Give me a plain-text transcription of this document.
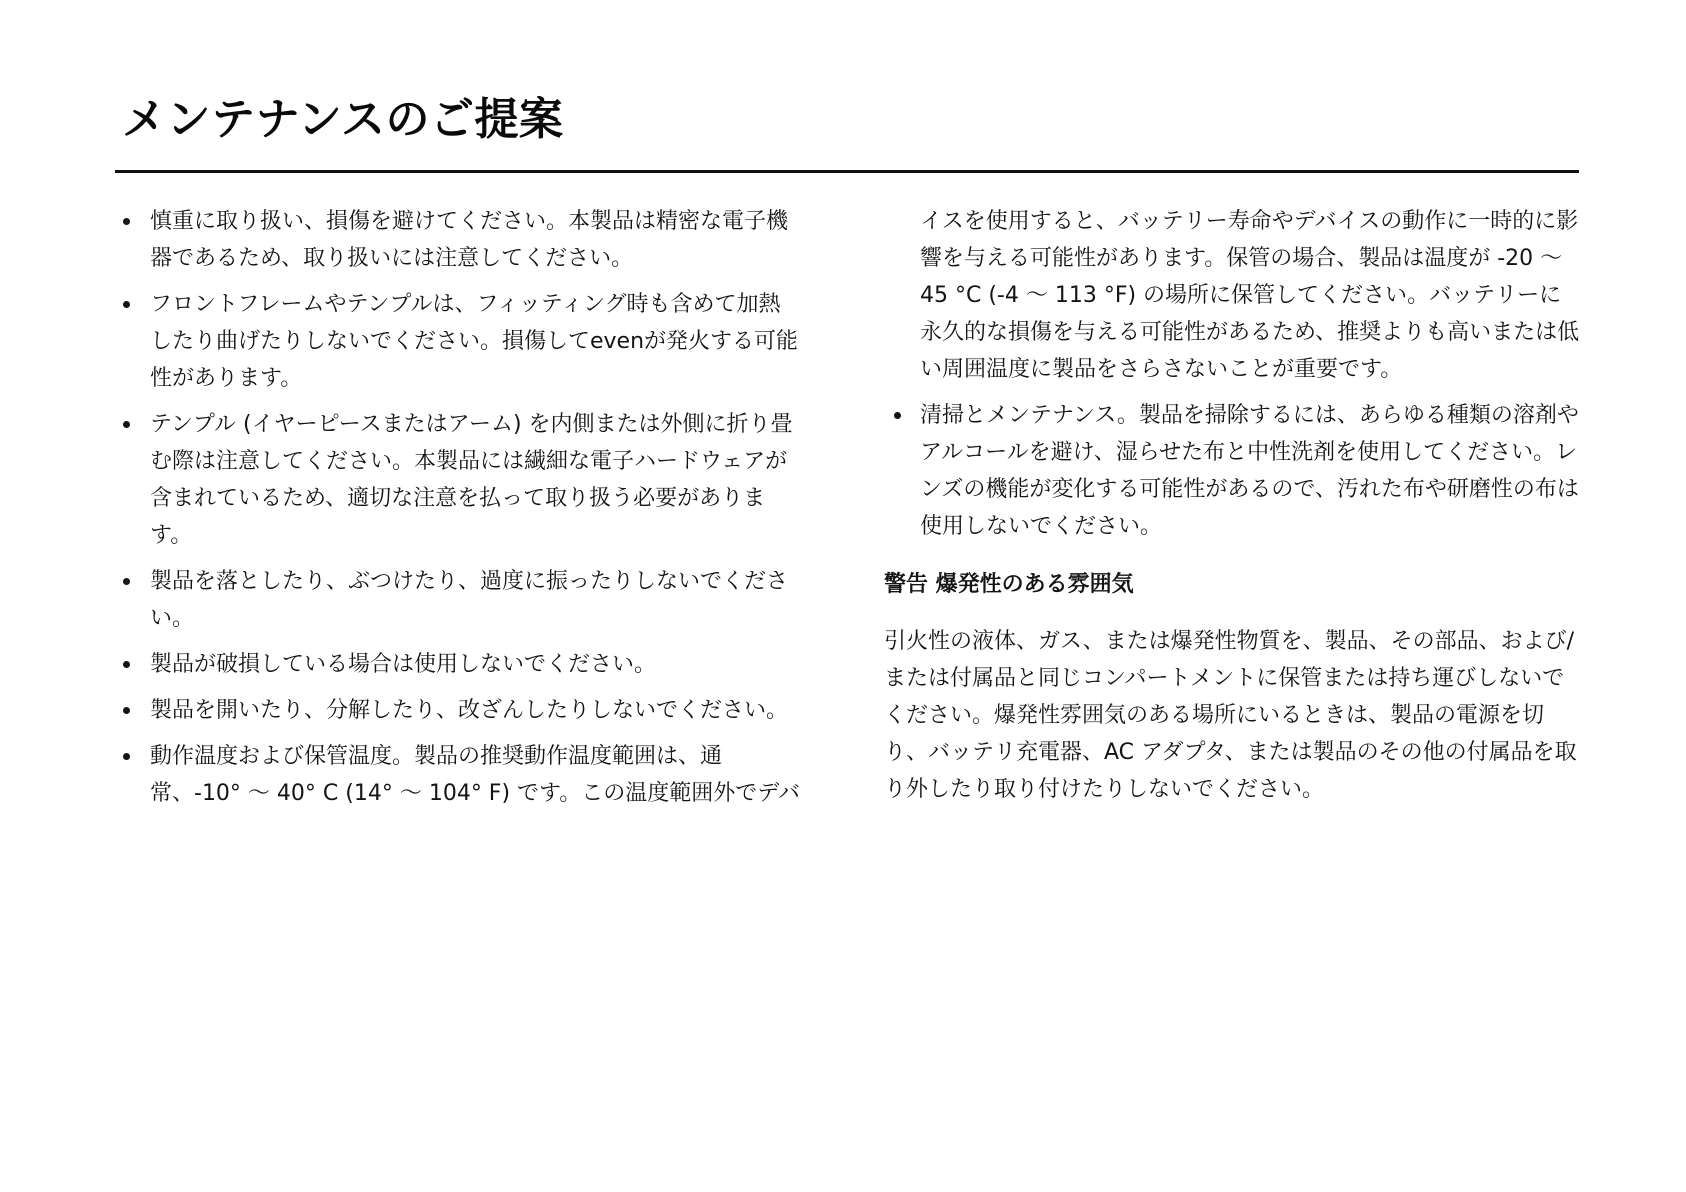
メンテナンスのご提案
慎重に取り扱い、損傷を避けてください。本製品は精密な電子機器であるため、取り扱いには注意してください。
フロントフレームやテンプルは、フィッティング時も含めて加熱したり曲げたりしないでください。損傷してevenが発火する可能性があります。
テンプル (イヤーピースまたはアーム) を内側または外側に折り畳む際は注意してください。本製品には繊細な電子ハードウェアが含まれているため、適切な注意を払って取り扱う必要があります。
製品を落としたり、ぶつけたり、過度に振ったりしないでください。
製品が破損している場合は使用しないでください。
製品を開いたり、分解したり、改ざんしたりしないでください。
動作温度および保管温度。製品の推奨動作温度範囲は、通常、-10° 〜 40° C (14° 〜 104° F) です。この温度範囲外でデバ

イスを使用すると、バッテリー寿命やデバイスの動作に一時的に影響を与える可能性があります。保管の場合、製品は温度が -20 〜 45 °C (-4 〜 113 °F) の場所に保管してください。バッテリーに永久的な損傷を与える可能性があるため、推奨よりも高いまたは低い周囲温度に製品をさらさないことが重要です。

清掃とメンテナンス。製品を掃除するには、あらゆる種類の溶剤やアルコールを避け、湿らせた布と中性洗剤を使用してください。レンズの機能が変化する可能性があるので、汚れた布や研磨性の布は使用しないでください。

警告 爆発性のある雰囲気

引火性の液体、ガス、または爆発性物質を、製品、その部品、および/または付属品と同じコンパートメントに保管または持ち運びしないでください。爆発性雰囲気のある場所にいるときは、製品の電源を切り、バッテリ充電器、AC アダプタ、または製品のその他の付属品を取り外したり取り付けたりしないでください。
